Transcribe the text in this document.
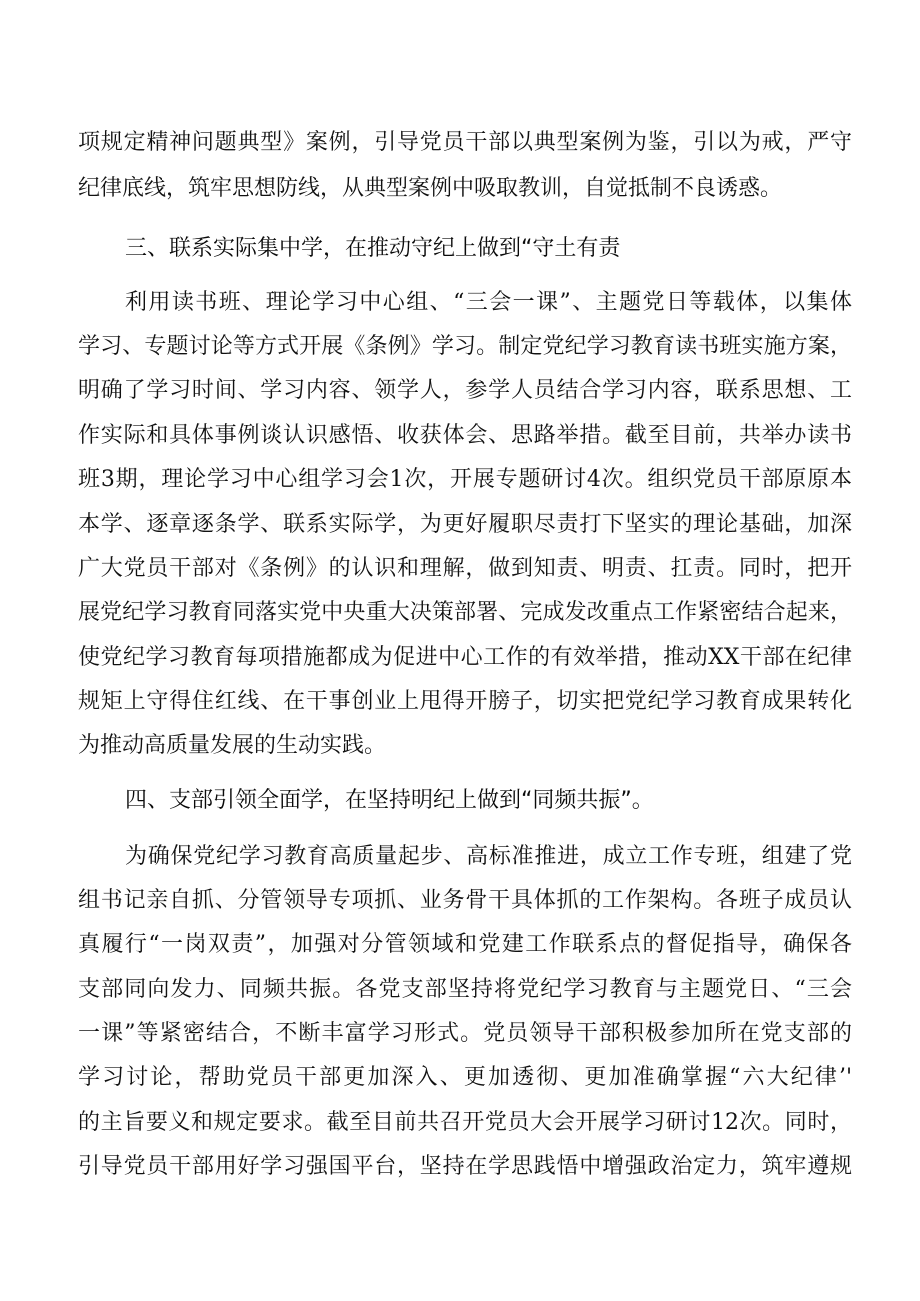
项规定精神问题典型》案例，引导党员干部以典型案例为鉴，引以为戒，严守

纪律底线，筑牢思想防线，从典型案例中吸取教训，自觉抵制不良诱惑。

三、联系实际集中学，在推动守纪上做到“守土有责

利用读书班、理论学习中心组、“三会一课”、主题党日等载体，以集体

学习、专题讨论等方式开展《条例》学习。制定党纪学习教育读书班实施方案，

明确了学习时间、学习内容、领学人，参学人员结合学习内容，联系思想、工

作实际和具体事例谈认识感悟、收获体会、思路举措。截至目前，共举办读书

班3期，理论学习中心组学习会1次，开展专题研讨4次。组织党员干部原原本

本学、逐章逐条学、联系实际学，为更好履职尽责打下坚实的理论基础，加深

广大党员干部对《条例》的认识和理解，做到知责、明责、扛责。同时，把开

展党纪学习教育同落实党中央重大决策部署、完成发改重点工作紧密结合起来，

使党纪学习教育每项措施都成为促进中心工作的有效举措，推动XX干部在纪律

规矩上守得住红线、在干事创业上甩得开膀子，切实把党纪学习教育成果转化

为推动高质量发展的生动实践。

四、支部引领全面学，在坚持明纪上做到“同频共振”。

为确保党纪学习教育高质量起步、高标准推进，成立工作专班，组建了党

组书记亲自抓、分管领导专项抓、业务骨干具体抓的工作架构。各班子成员认

真履行“一岗双责”，加强对分管领域和党建工作联系点的督促指导，确保各

支部同向发力、同频共振。各党支部坚持将党纪学习教育与主题党日、“三会

一课”等紧密结合，不断丰富学习形式。党员领导干部积极参加所在党支部的

学习讨论，帮助党员干部更加深入、更加透彻、更加准确掌握“六大纪律’'

的主旨要义和规定要求。截至目前共召开党员大会开展学习研讨12次。同时，

引导党员干部用好学习强国平台，坚持在学思践悟中增强政治定力，筑牢遵规
